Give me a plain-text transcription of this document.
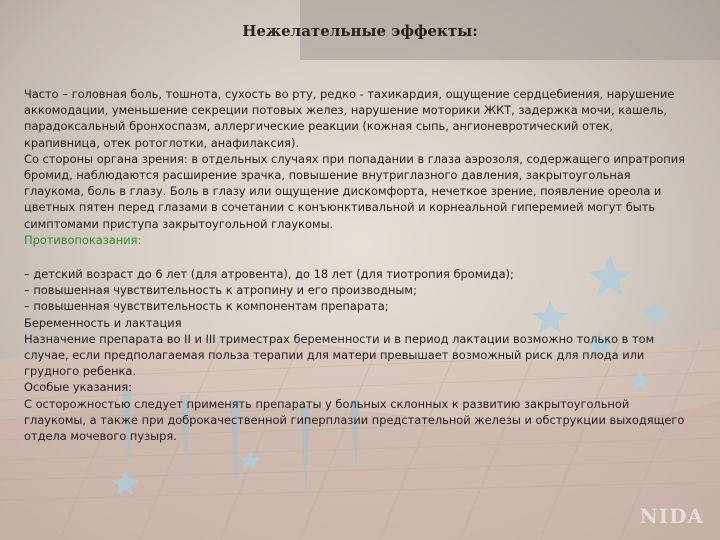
Нежелательные эффекты:

Часто – головная боль, тошнота, сухость во рту, редко - тахикардия, ощущение сердцебиения, нарушение аккомодации, уменьшение секреции потовых желез, нарушение моторики ЖКТ, задержка мочи, кашель, парадоксальный бронхоспазм, аллергические реакции (кожная сыпь, ангионевротический отек, крапивница, отек ротоглотки, анафилаксия).

Со стороны органа зрения: в отдельных случаях при попадании в глаза аэрозоля, содержащего ипратропия бромид, наблюдаются расширение зрачка, повышение внутриглазного давления, закрытоугольная глаукома, боль в глазу. Боль в глазу или ощущение дискомфорта, нечеткое зрение, появление ореола и цветных пятен перед глазами в сочетании с конъюнктивальной и корнеальной гиперемией могут быть симптомами приступа закрытоугольной глаукомы.

Противопоказания:

– детский возраст до 6 лет (для атровента), до 18 лет (для тиотропия бромида);

– повышенная чувствительность к атропину и его производным;

– повышенная чувствительность к компонентам препарата;

Беременность и лактация

Назначение препарата во II и III триместрах беременности и в период лактации возможно только в том случае, если предполагаемая польза терапии для матери превышает возможный риск для плода или грудного ребенка.

Особые указания:

С осторожностью следует применять препараты у больных склонных к развитию закрытоугольной глаукомы, а также при доброкачественной гиперплазии предстательной железы и обструкции выходящего отдела мочевого пузыря.

NIDA
